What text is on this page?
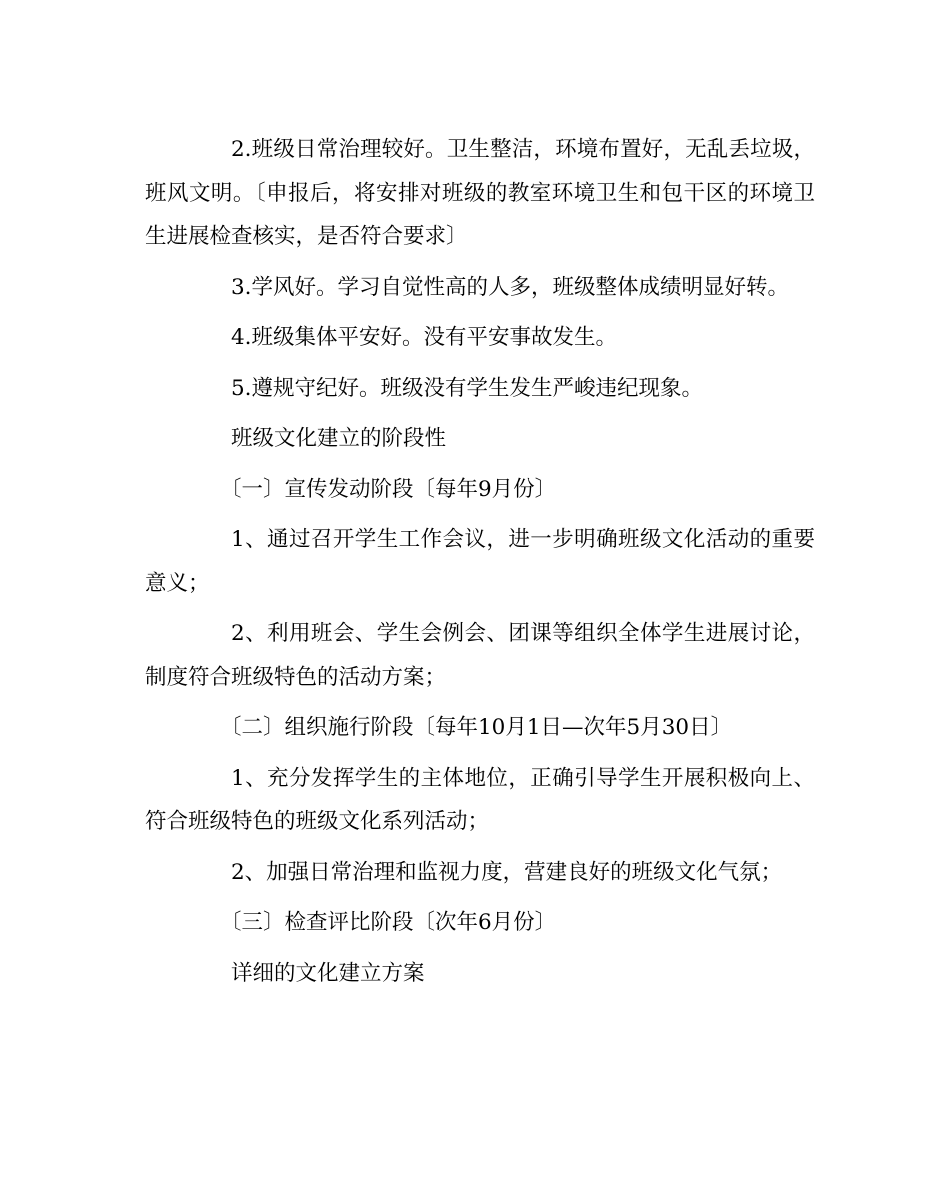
2.班级日常治理较好。卫生整洁，环境布置好，无乱丢垃圾，班风文明。〔申报后，将安排对班级的教室环境卫生和包干区的环境卫生进展检查核实，是否符合要求〕

3.学风好。学习自觉性高的人多，班级整体成绩明显好转。

4.班级集体平安好。没有平安事故发生。

5.遵规守纪好。班级没有学生发生严峻违纪现象。

班级文化建立的阶段性

〔一〕宣传发动阶段〔每年9月份〕

1、通过召开学生工作会议，进一步明确班级文化活动的重要意义；

2、利用班会、学生会例会、团课等组织全体学生进展讨论，制度符合班级特色的活动方案；

〔二〕组织施行阶段〔每年10月1日—次年5月30日〕

1、充分发挥学生的主体地位，正确引导学生开展积极向上、符合班级特色的班级文化系列活动；

2、加强日常治理和监视力度，营建良好的班级文化气氛；

〔三〕检查评比阶段〔次年6月份〕

详细的文化建立方案
